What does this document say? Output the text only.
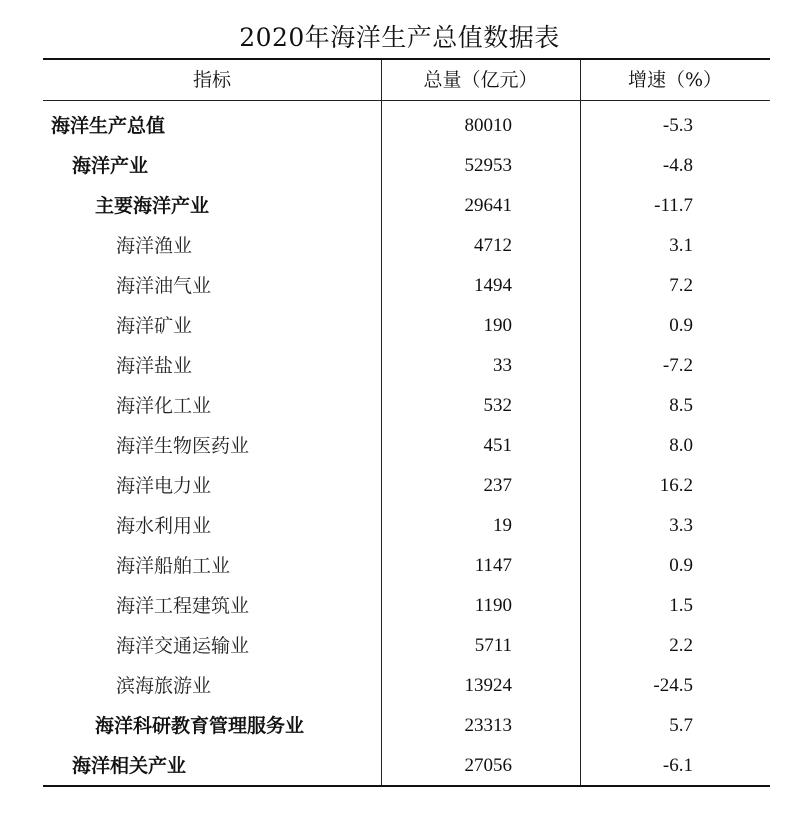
2020年海洋生产总值数据表
指标	总量（亿元）	增速（%）
海洋生产总值	80010	-5.3
海洋产业	52953	-4.8
主要海洋产业	29641	-11.7
海洋渔业	4712	3.1
海洋油气业	1494	7.2
海洋矿业	190	0.9
海洋盐业	33	-7.2
海洋化工业	532	8.5
海洋生物医药业	451	8.0
海洋电力业	237	16.2
海水利用业	19	3.3
海洋船舶工业	1147	0.9
海洋工程建筑业	1190	1.5
海洋交通运输业	5711	2.2
滨海旅游业	13924	-24.5
海洋科研教育管理服务业	23313	5.7
海洋相关产业	27056	-6.1
